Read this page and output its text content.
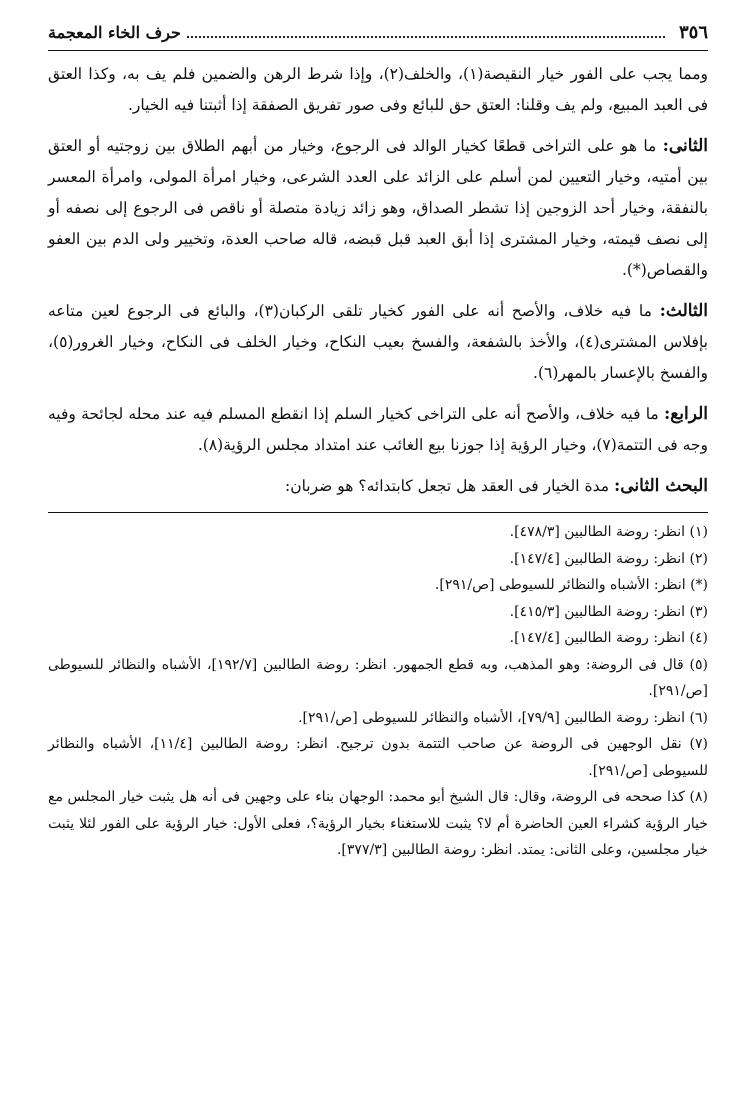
٣٥٦
حرف الخاء المعجمة

ومما يجب على الفور خيار النقيصة(١)، والخلف(٢)، وإذا شرط الرهن والضمين فلم يف به، وكذا العتق فى العبد المبيع، ولم يف وقلنا: العتق حق للبائع وفى صور تفريق الصفقة إذا أثبتنا فيه الخيار.

الثانى: ما هو على التراخى قطعًا كخيار الوالد فى الرجوع، وخيار من أبهم الطلاق بين زوجتيه أو العتق بين أمتيه، وخيار التعيين لمن أسلم على الزائد على العدد الشرعى، وخيار امرأة المولى، وامرأة المعسر بالنفقة، وخيار أحد الزوجين إذا تشطر الصداق، وهو زائد زيادة متصلة أو ناقص فى الرجوع إلى نصفه أو إلى نصف قيمته، وخيار المشترى إذا أبق العبد قبل قبضه، قاله صاحب العدة، وتخيير ولى الدم بين العفو والقصاص(*).

الثالث: ما فيه خلاف، والأصح أنه على الفور كخيار تلقى الركبان(٣)، والبائع فى الرجوع لعين متاعه بإفلاس المشترى(٤)، والأخذ بالشفعة، والفسخ بعيب النكاح، وخيار الخلف فى النكاح، وخيار الغرور(٥)، والفسخ بالإعسار بالمهر(٦).

الرابع: ما فيه خلاف، والأصح أنه على التراخى كخيار السلم إذا انقطع المسلم فيه عند محله لجائحة وفيه وجه فى التتمة(٧)، وخيار الرؤية إذا جوزنا بيع الغائب عند امتداد مجلس الرؤية(٨).

البحث الثانى: مدة الخيار فى العقد هل تجعل كابتدائه؟ هو ضربان:

(١) انظر: روضة الطالبين [٤٧٨/٣].

(٢) انظر: روضة الطالبين [١٤٧/٤].

(*) انظر: الأشباه والنظائر للسيوطى [ص/٢٩١].

(٣) انظر: روضة الطالبين [٤١٥/٣].

(٤) انظر: روضة الطالبين [١٤٧/٤].

(٥) قال فى الروضة: وهو المذهب، وبه قطع الجمهور. انظر: روضة الطالبين [١٩٢/٧]، الأشباه والنظائر للسيوطى [ص/٢٩١].

(٦) انظر: روضة الطالبين [٧٩/٩]، الأشباه والنظائر للسيوطى [ص/٢٩١].

(٧) نقل الوجهين فى الروضة عن صاحب التتمة بدون ترجيح. انظر: روضة الطالبين [١١/٤]، الأشباه والنظائر للسيوطى [ص/٢٩١].

(٨) كذا صححه فى الروضة، وقال: قال الشيخ أبو محمد: الوجهان بناء على وجهين فى أنه هل يثبت خيار المجلس مع خيار الرؤية كشراء العين الحاضرة أم لا؟ يثبت للاستغناء بخيار الرؤية؟، فعلى الأول: خيار الرؤية على الفور لئلا يثبت خيار مجلسين، وعلى الثانى: يمتد. انظر: روضة الطالبين [٣٧٧/٣].
